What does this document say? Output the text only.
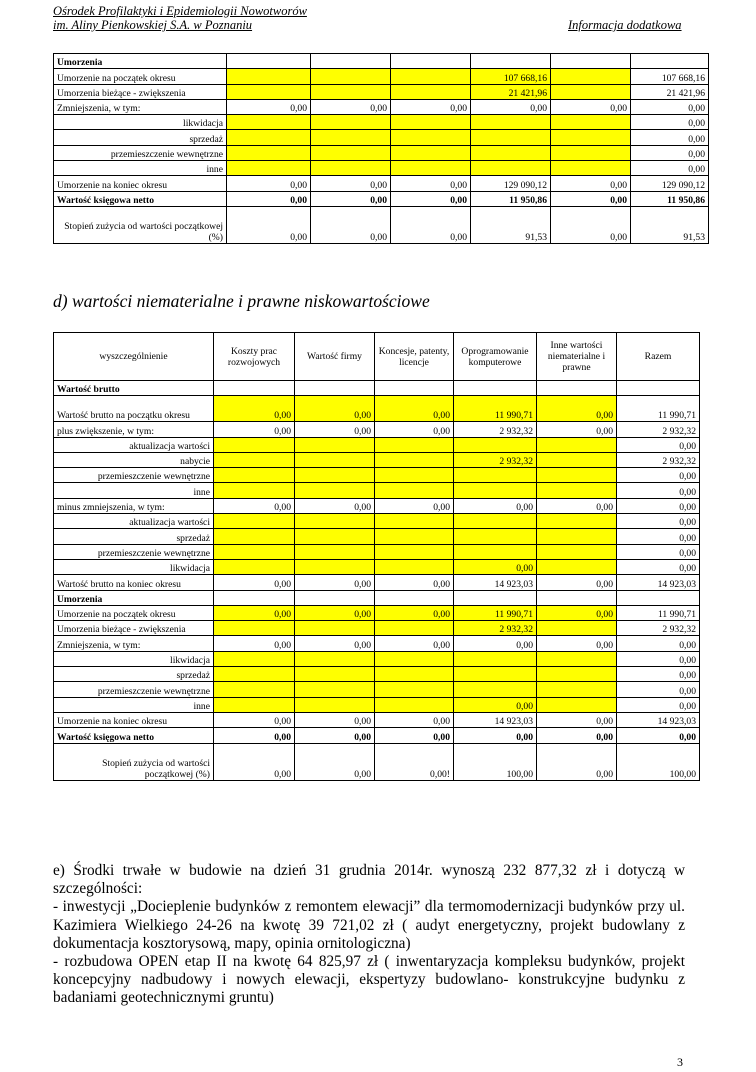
Ośrodek Profilaktyki i Epidemiologii Nowotworów
im. Aliny Pienkowskiej S.A. w Poznaniu	Informacja dodatkowa
Umorzenia						
Umorzenie na początek okresu				107 668,16		107 668,16
Umorzenia bieżące - zwiększenia				21 421,96		21 421,96
Zmniejszenia, w tym:	0,00	0,00	0,00	0,00	0,00	0,00
likwidacja						0,00
sprzedaż						0,00
przemieszczenie wewnętrzne						0,00
inne						0,00
Umorzenie na koniec okresu	0,00	0,00	0,00	129 090,12	0,00	129 090,12
Wartość księgowa netto	0,00	0,00	0,00	11 950,86	0,00	11 950,86
Stopień zużycia od wartości początkowej (%)	0,00	0,00	0,00	91,53	0,00	91,53
d) wartości niematerialne i prawne niskowartościowe
wyszczególnienie	Koszty prac rozwojowych	Wartość firmy	Koncesje, patenty, licencje	Oprogramowanie komputerowe	Inne wartości niematerialne i prawne	Razem
Wartość brutto						
Wartość brutto na początku okresu	0,00	0,00	0,00	11 990,71	0,00	11 990,71
plus zwiększenie, w tym:	0,00	0,00	0,00	2 932,32	0,00	2 932,32
aktualizacja wartości						0,00
nabycie				2 932,32		2 932,32
przemieszczenie wewnętrzne						0,00
inne						0,00
minus zmniejszenia, w tym:	0,00	0,00	0,00	0,00	0,00	0,00
aktualizacja wartości						0,00
sprzedaż						0,00
przemieszczenie wewnętrzne						0,00
likwidacja				0,00		0,00
Wartość brutto na koniec okresu	0,00	0,00	0,00	14 923,03	0,00	14 923,03
Umorzenia						
Umorzenie na początek okresu	0,00	0,00	0,00	11 990,71	0,00	11 990,71
Umorzenia bieżące - zwiększenia				2 932,32		2 932,32
Zmniejszenia, w tym:	0,00	0,00	0,00	0,00	0,00	0,00
likwidacja						0,00
sprzedaż						0,00
przemieszczenie wewnętrzne						0,00
inne				0,00		0,00
Umorzenie na koniec okresu	0,00	0,00	0,00	14 923,03	0,00	14 923,03
Wartość księgowa netto	0,00	0,00	0,00	0,00	0,00	0,00
Stopień zużycia od wartości początkowej (%)	0,00	0,00	0,00!	100,00	0,00	100,00

e) Środki trwałe w budowie na dzień 31 grudnia 2014r. wynoszą 232 877,32 zł i dotyczą w szczególności:

- inwestycji „Docieplenie budynków z remontem elewacji” dla termomodernizacji budynków przy ul. Kazimiera Wielkiego 24-26 na kwotę 39 721,02 zł ( audyt energetyczny, projekt budowlany z dokumentacja kosztorysową, mapy, opinia ornitologiczna)

- rozbudowa OPEN etap II na kwotę 64 825,97 zł ( inwentaryzacja kompleksu budynków, projekt koncepcyjny nadbudowy i nowych elewacji, ekspertyzy budowlano- konstrukcyjne budynku z badaniami geotechnicznymi gruntu)

3
